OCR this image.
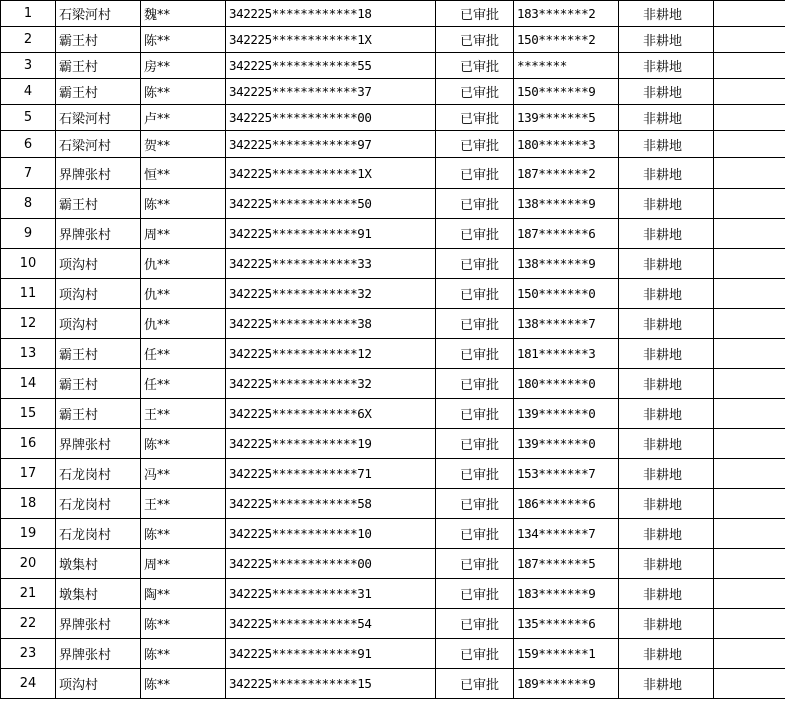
1	石梁河村	魏**	342225************18	已审批	183*******2	非耕地	
2	霸王村	陈**	342225************1X	已审批	150*******2	非耕地	
3	霸王村	房**	342225************55	已审批	*******	非耕地	
4	霸王村	陈**	342225************37	已审批	150*******9	非耕地	
5	石梁河村	卢**	342225************00	已审批	139*******5	非耕地	
6	石梁河村	贺**	342225************97	已审批	180*******3	非耕地	
7	界牌张村	恒**	342225************1X	已审批	187*******2	非耕地	
8	霸王村	陈**	342225************50	已审批	138*******9	非耕地	
9	界牌张村	周**	342225************91	已审批	187*******6	非耕地	
10	项沟村	仇**	342225************33	已审批	138*******9	非耕地	
11	项沟村	仇**	342225************32	已审批	150*******0	非耕地	
12	项沟村	仇**	342225************38	已审批	138*******7	非耕地	
13	霸王村	任**	342225************12	已审批	181*******3	非耕地	
14	霸王村	任**	342225************32	已审批	180*******0	非耕地	
15	霸王村	王**	342225************6X	已审批	139*******0	非耕地	
16	界牌张村	陈**	342225************19	已审批	139*******0	非耕地	
17	石龙岗村	冯**	342225************71	已审批	153*******7	非耕地	
18	石龙岗村	王**	342225************58	已审批	186*******6	非耕地	
19	石龙岗村	陈**	342225************10	已审批	134*******7	非耕地	
20	墩集村	周**	342225************00	已审批	187*******5	非耕地	
21	墩集村	陶**	342225************31	已审批	183*******9	非耕地	
22	界牌张村	陈**	342225************54	已审批	135*******6	非耕地	
23	界牌张村	陈**	342225************91	已审批	159*******1	非耕地	
24	项沟村	陈**	342225************15	已审批	189*******9	非耕地	
